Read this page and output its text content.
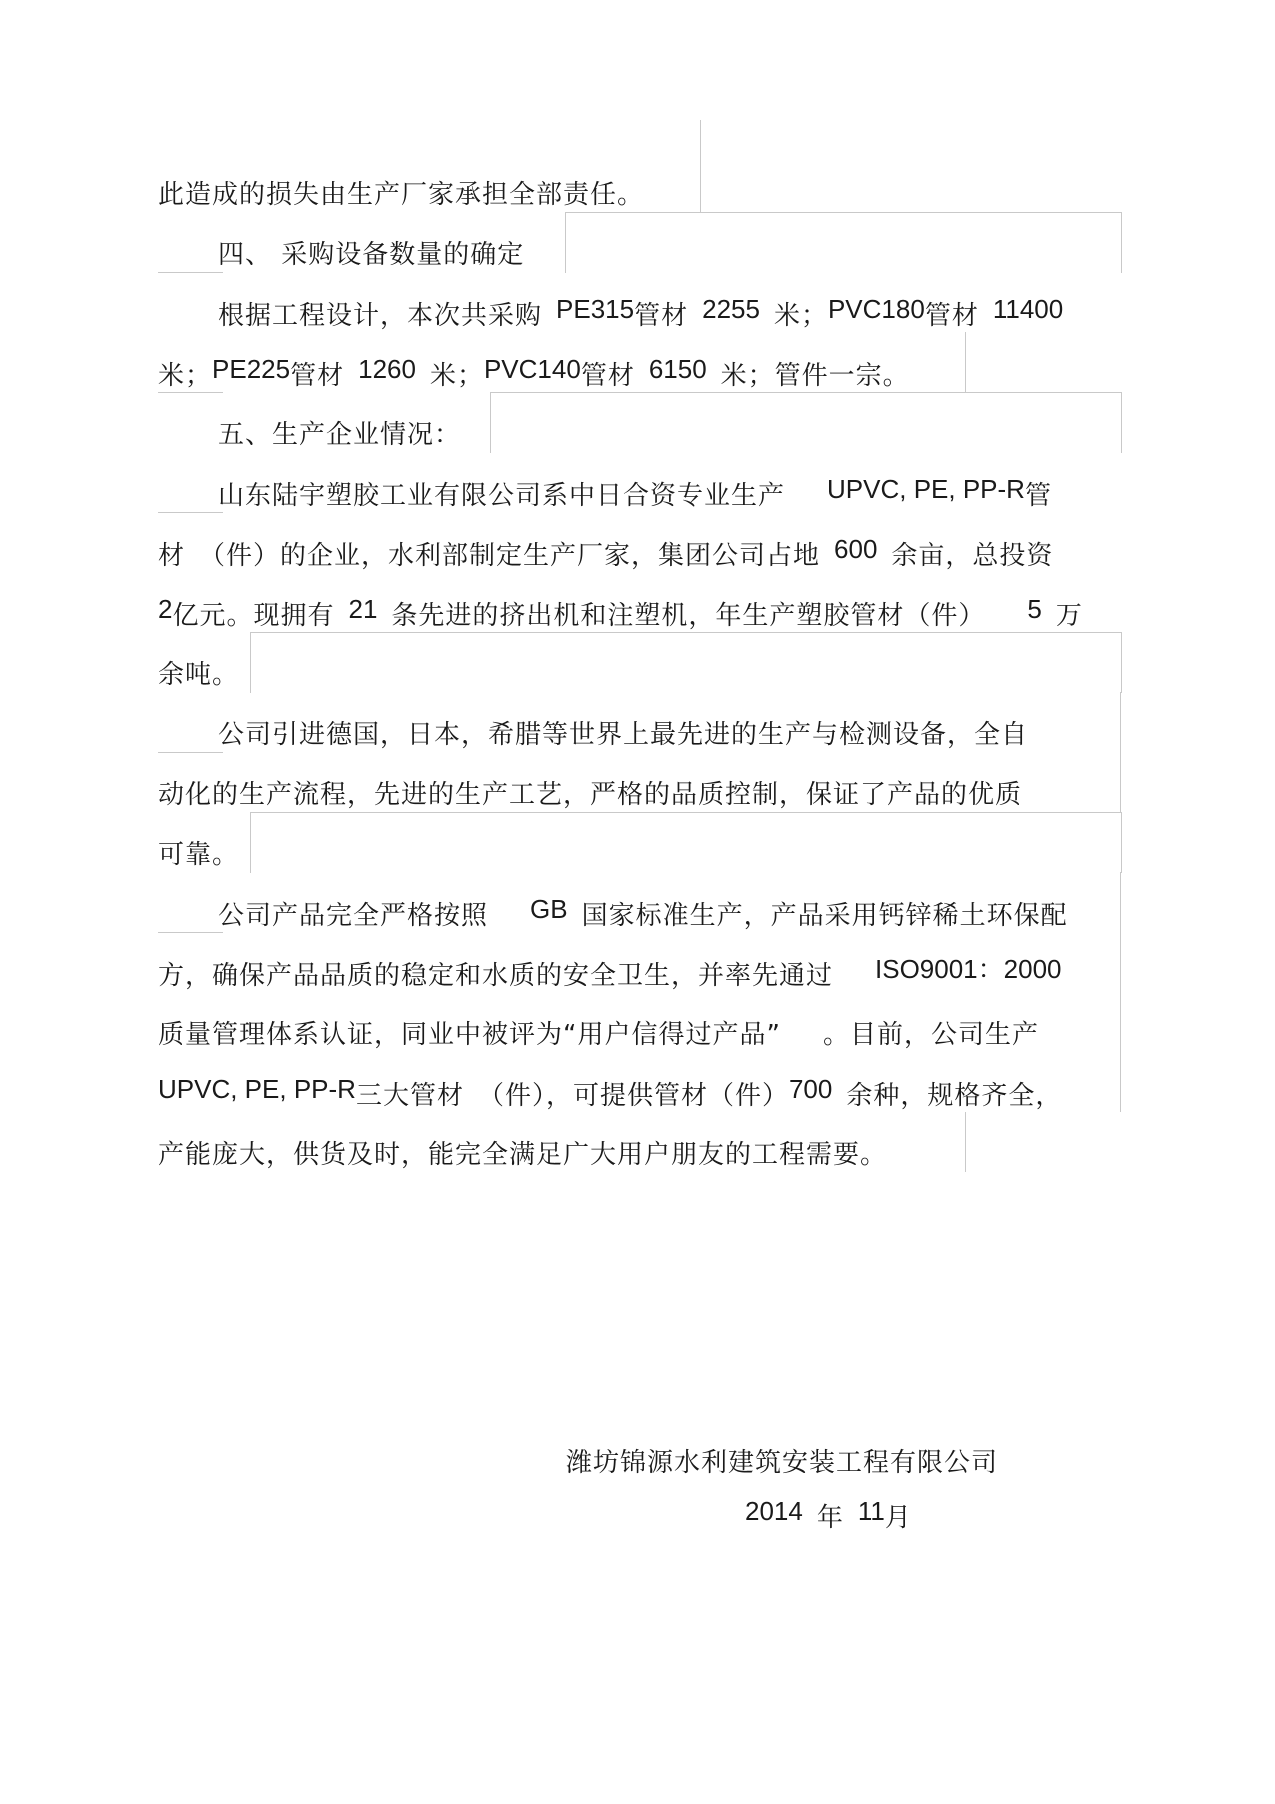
此造成的损失由生产厂家承担全部责任。
四、 采购设备数量的确定
根据工程设计，本次共采购 PE315管材 2255 米；PVC180管材 11400
米；PE225管材 1260 米；PVC140管材 6150 米；管件一宗。
五、生产企业情况：
山东陆宇塑胶工业有限公司系中日合资专业生产 UPVC, PE, PP-R管
材 （件）的企业，水利部制定生产厂家，集团公司占地 600 余亩，总投资
2亿元。现拥有 21 条先进的挤出机和注塑机，年生产塑胶管材（件） 5 万
余吨。
公司引进德国，日本，希腊等世界上最先进的生产与检测设备，全自
动化的生产流程，先进的生产工艺，严格的品质控制，保证了产品的优质
可靠。
公司产品完全严格按照 GB 国家标准生产，产品采用钙锌稀土环保配
方，确保产品品质的稳定和水质的安全卫生，并率先通过 ISO9001：2000
质量管理体系认证，同业中被评为“用户信得过产品” 。目前，公司生产
UPVC, PE, PP-R三大管材 （件），可提供管材（件）700 余种，规格齐全，
产能庞大，供货及时，能完全满足广大用户朋友的工程需要。
潍坊锦源水利建筑安装工程有限公司
2014 年 11月
